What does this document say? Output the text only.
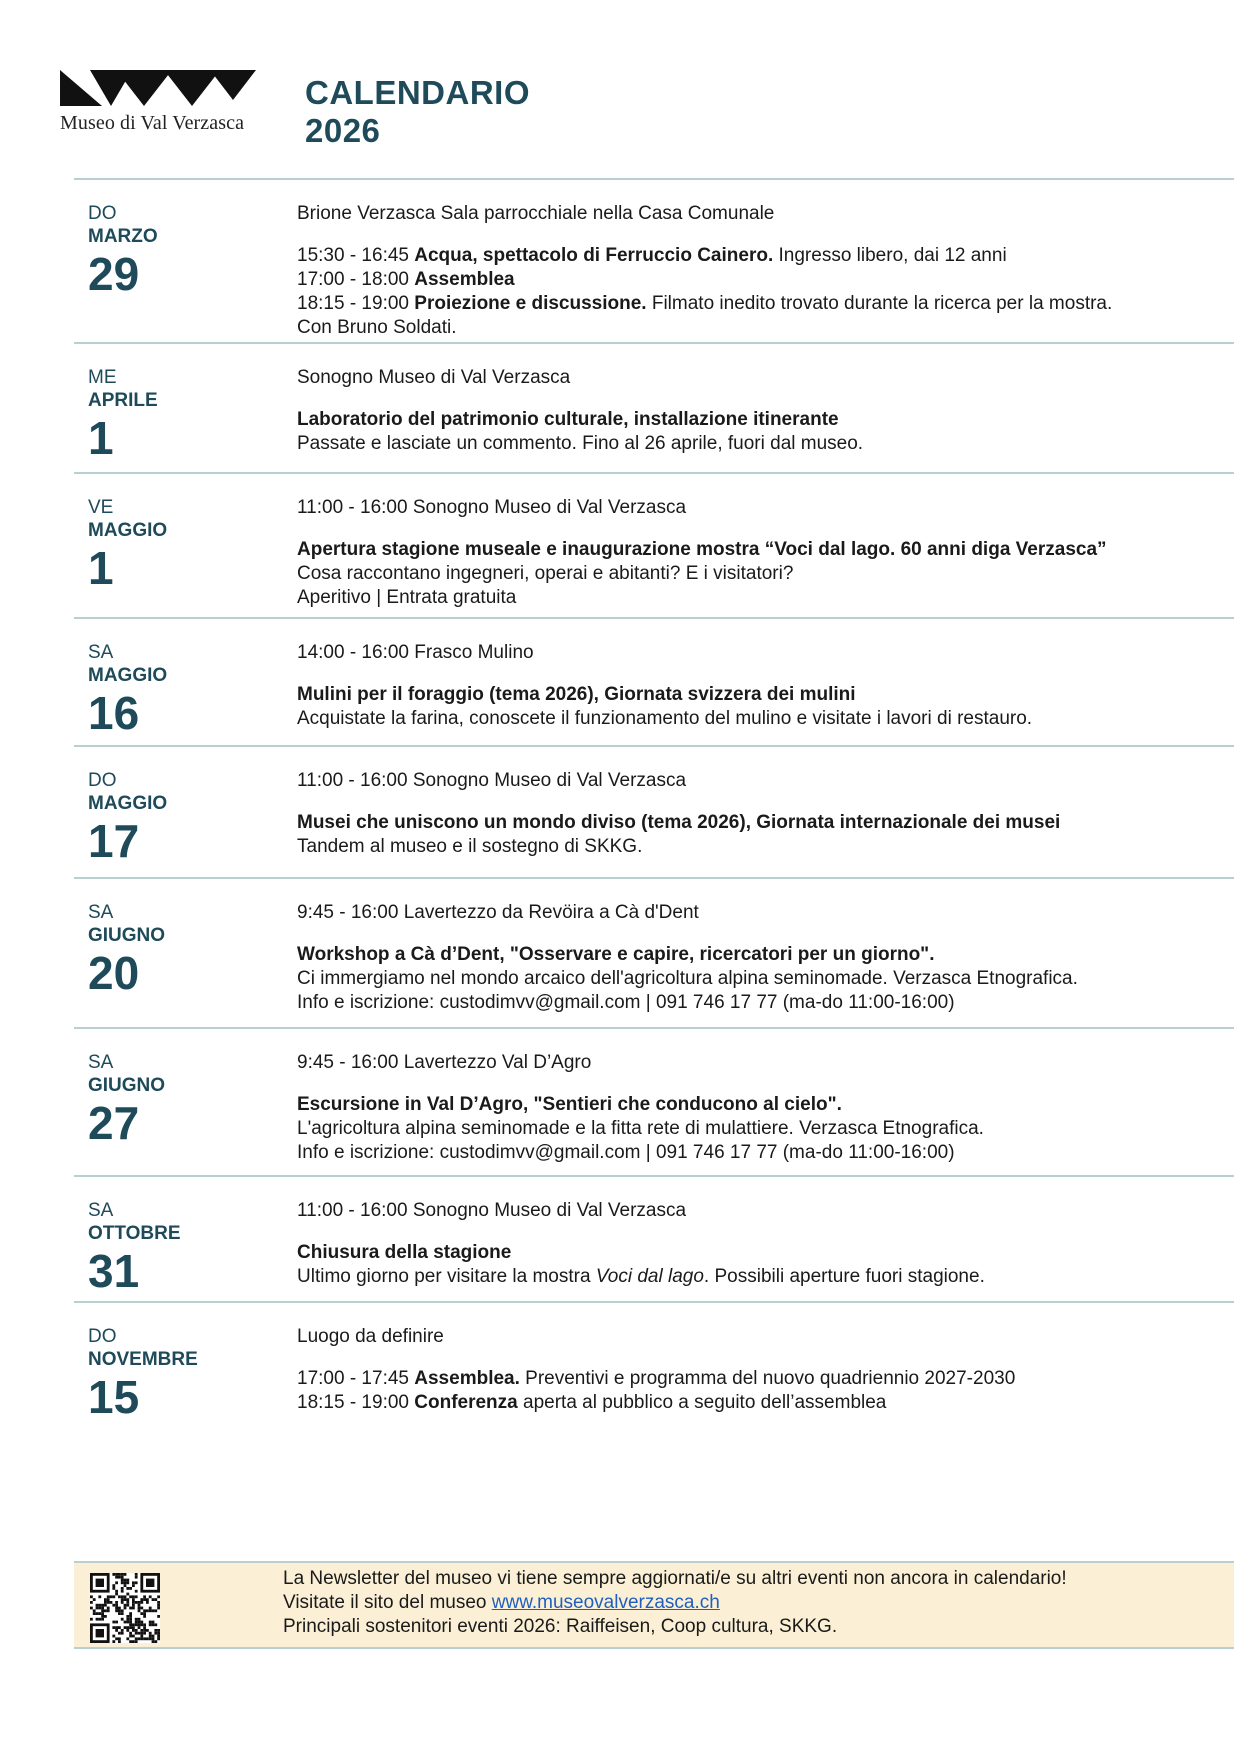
Museo di Val Verzasca
CALENDARIO
2026
DO
MARZO
29
Brione Verzasca Sala parrocchiale nella Casa Comunale
15:30 - 16:45 Acqua, spettacolo di Ferruccio Cainero. Ingresso libero, dai 12 anni
17:00 - 18:00 Assemblea
18:15 - 19:00 Proiezione e discussione. Filmato inedito trovato durante la ricerca per la mostra.
Con Bruno Soldati.
ME
APRILE
1
Sonogno Museo di Val Verzasca
Laboratorio del patrimonio culturale, installazione itinerante
Passate e lasciate un commento. Fino al 26 aprile, fuori dal museo.
VE
MAGGIO
1
11:00 - 16:00 Sonogno Museo di Val Verzasca
Apertura stagione museale e inaugurazione mostra “Voci dal lago. 60 anni diga Verzasca”
Cosa raccontano ingegneri, operai e abitanti? E i visitatori?
Aperitivo | Entrata gratuita
SA
MAGGIO
16
14:00 - 16:00 Frasco Mulino
Mulini per il foraggio (tema 2026), Giornata svizzera dei mulini
Acquistate la farina, conoscete il funzionamento del mulino e visitate i lavori di restauro.
DO
MAGGIO
17
11:00 - 16:00 Sonogno Museo di Val Verzasca
Musei che uniscono un mondo diviso (tema 2026), Giornata internazionale dei musei
Tandem al museo e il sostegno di SKKG.
SA
GIUGNO
20
9:45 - 16:00 Lavertezzo da Revöira a Cà d'Dent
Workshop a Cà d’Dent, "Osservare e capire, ricercatori per un giorno".
Ci immergiamo nel mondo arcaico dell'agricoltura alpina seminomade. Verzasca Etnografica.
Info e iscrizione: custodimvv@gmail.com | 091 746 17 77 (ma-do 11:00-16:00)
SA
GIUGNO
27
9:45 - 16:00 Lavertezzo Val D’Agro
Escursione in Val D’Agro, "Sentieri che conducono al cielo".
L'agricoltura alpina seminomade e la fitta rete di mulattiere. Verzasca Etnografica.
Info e iscrizione: custodimvv@gmail.com | 091 746 17 77 (ma-do 11:00-16:00)
SA
OTTOBRE
31
11:00 - 16:00 Sonogno Museo di Val Verzasca
Chiusura della stagione
Ultimo giorno per visitare la mostra Voci dal lago. Possibili aperture fuori stagione.
DO
NOVEMBRE
15
Luogo da definire
17:00 - 17:45 Assemblea. Preventivi e programma del nuovo quadriennio 2027-2030
18:15 - 19:00 Conferenza aperta al pubblico a seguito dell’assemblea
La Newsletter del museo vi tiene sempre aggiornati/e su altri eventi non ancora in calendario!
Visitate il sito del museo www.museovalverzasca.ch
Principali sostenitori eventi 2026: Raiffeisen, Coop cultura, SKKG.
